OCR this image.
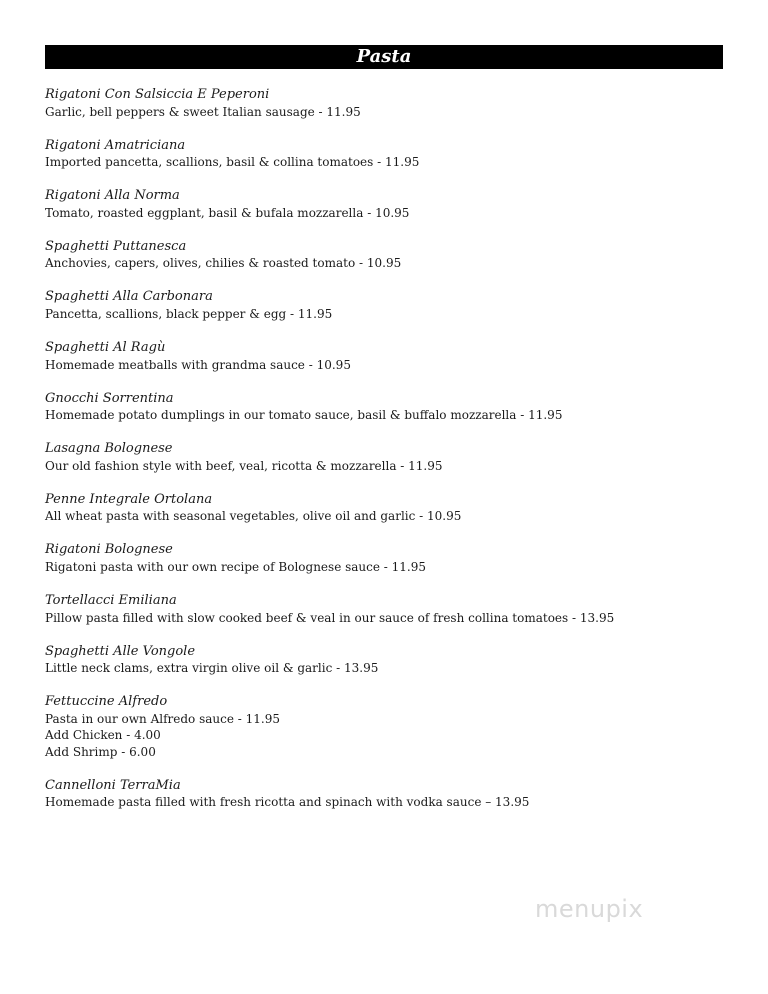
Pasta
Rigatoni Con Salsiccia E Peperoni
Garlic, bell peppers & sweet Italian sausage - 11.95
Rigatoni Amatriciana
Imported pancetta, scallions, basil & collina tomatoes - 11.95
Rigatoni Alla Norma
Tomato, roasted eggplant, basil & bufala mozzarella - 10.95
Spaghetti Puttanesca
Anchovies, capers, olives, chilies & roasted tomato - 10.95
Spaghetti Alla Carbonara
Pancetta, scallions, black pepper & egg - 11.95
Spaghetti Al Ragù
Homemade meatballs with grandma sauce - 10.95
Gnocchi Sorrentina
Homemade potato dumplings in our tomato sauce, basil & buffalo mozzarella - 11.95
Lasagna Bolognese
Our old fashion style with beef, veal, ricotta & mozzarella - 11.95
Penne Integrale Ortolana
All wheat pasta with seasonal vegetables, olive oil and garlic - 10.95
Rigatoni Bolognese
Rigatoni pasta with our own recipe of Bolognese sauce - 11.95
Tortellacci Emiliana
Pillow pasta filled with slow cooked beef & veal in our sauce of fresh collina tomatoes - 13.95
Spaghetti Alle Vongole
Little neck clams, extra virgin olive oil & garlic - 13.95
Fettuccine Alfredo
Pasta in our own Alfredo sauce - 11.95
Add Chicken - 4.00
Add Shrimp - 6.00
Cannelloni TerraMia
Homemade pasta filled with fresh ricotta and spinach with vodka sauce – 13.95
menupix
